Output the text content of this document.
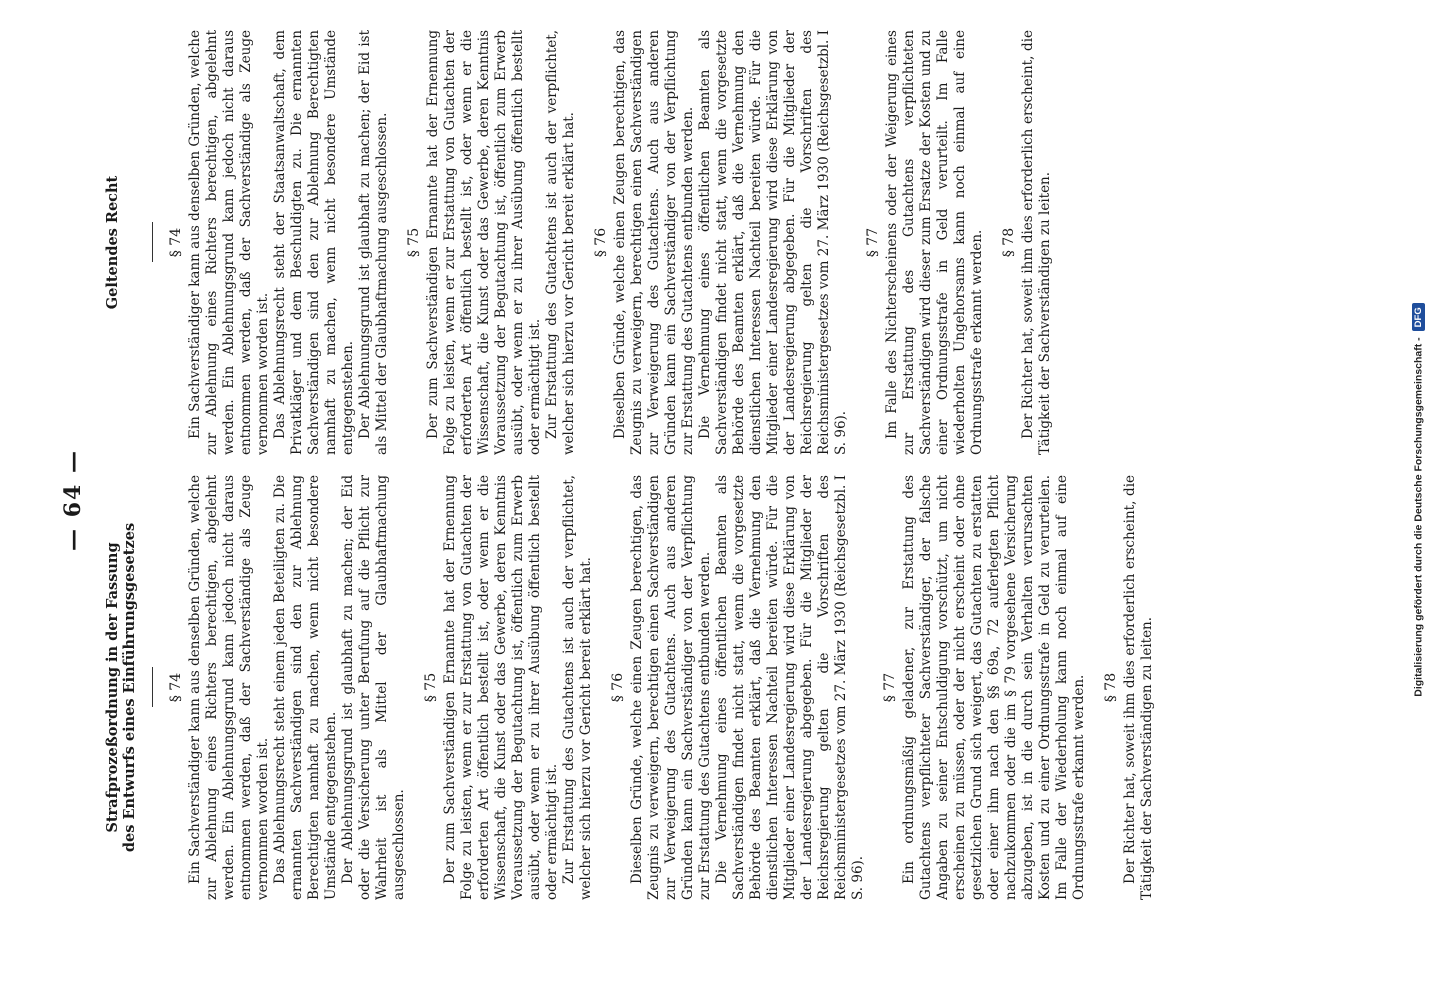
— 64 —
Strafprozeßordnung in der Fassung des Entwurfs eines Einführungsgesetzes § 74 Ein Sachverständiger kann aus denselben Gründen, welche zur Ablehnung eines Richters berechtigen, abgelehnt werden. Ein Ablehnungsgrund kann jedoch nicht daraus entnommen werden, daß der Sachverständige als Zeuge vernommen worden ist. Das Ablehnungsrecht steht einem jeden Beteiligten zu. Die ernannten Sachverständigen sind den zur Ablehnung Berechtigten namhaft zu machen, wenn nicht besondere Umstände entgegenstehen. Der Ablehnungsgrund ist glaubhaft zu machen; der Eid oder die Versicherung unter Berufung auf die Pflicht zur Wahrheit ist als Mittel der Glaubhaftmachung ausgeschlossen.

§ 75 Der zum Sachverständigen Ernannte hat der Ernennung Folge zu leisten, wenn er zur Erstattung von Gutachten der erforderten Art öffentlich bestellt ist, oder wenn er die Wissenschaft, die Kunst oder das Gewerbe, deren Kenntnis Voraussetzung der Begutachtung ist, öffentlich zum Erwerb ausübt, oder wenn er zu ihrer Ausübung öffentlich bestellt oder ermächtigt ist. Zur Erstattung des Gutachtens ist auch der verpflichtet, welcher sich hierzu vor Gericht bereit erklärt hat. § 76 Dieselben Gründe, welche einen Zeugen berechtigen, das Zeugnis zu verweigern, berechtigen einen Sachverständigen zur Verweigerung des Gutachtens. Auch aus anderen Gründen kann ein Sachverständiger von der Verpflichtung zur Erstattung des Gutachtens entbunden werden. Die Vernehmung eines öffentlichen Beamten als Sachverständigen findet nicht statt, wenn die vorgesetzte Behörde des Beamten erklärt, daß die Vernehmung den dienstlichen Interessen Nachteil bereiten würde. Für die Mitglieder einer Landesregierung wird diese Erklärung von der Landesregierung abgegeben. Für die Mitglieder der Reichsregierung gelten die Vorschriften des Reichsministergesetzes vom 27. März 1930 (Reichsgesetzbl. I S. 96).

§ 77 Ein ordnungsmäßig geladener, zur Erstattung des Gutachtens verpflichteter Sachverständiger, der falsche Angaben zu seiner Entschuldigung vorschützt, um nicht erscheinen zu müssen, oder der nicht erscheint oder ohne gesetzlichen Grund sich weigert, das Gutachten zu erstatten oder einer ihm nach den §§ 69a, 72 auferlegten Pflicht nachzukommen oder die im § 79 vorgesehene Versicherung abzugeben, ist in die durch sein Verhalten verursachten Kosten und zu einer Ordnungsstrafe in Geld zu verurteilen. Im Falle der Wiederholung kann noch einmal auf eine Ordnungsstrafe erkannt werden. § 78 Der Richter hat, soweit ihm dies erforderlich erscheint, die Tätigkeit der Sachverständigen zu leiten.

Geltendes Recht	§ 74 Ein Sachverständiger kann aus denselben Gründen, welche zur Ablehnung eines Richters berechtigen, abgelehnt werden. Ein Ablehnungsgrund kann jedoch nicht daraus entnommen werden, daß der Sachverständige als Zeuge vernommen worden ist. Das Ablehnungsrecht steht der Staatsanwaltschaft, dem Privatkläger und dem Beschuldigten zu. Die ernannten Sachverständigen sind den zur Ablehnung Berechtigten namhaft zu machen, wenn nicht besondere Umstände entgegenstehen. Der Ablehnungsgrund ist glaubhaft zu machen; der Eid ist als Mittel der Glaubhaftmachung ausgeschlossen. § 75 Der zum Sachverständigen Ernannte hat der Ernennung Folge zu leisten, wenn er zur Erstattung von Gutachten der erforderten Art öffentlich bestellt ist, oder wenn er die Wissenschaft, die Kunst oder das Gewerbe, deren Kenntnis Voraussetzung der Begutachtung ist, öffentlich zum Erwerb ausübt, oder wenn er zu ihrer Ausübung öffentlich bestellt oder ermächtigt ist. Zur Erstattung des Gutachtens ist auch der verpflichtet, welcher sich hierzu vor Gericht bereit erklärt hat. § 76 Dieselben Gründe, welche einen Zeugen berechtigen, das Zeugnis zu verweigern, berechtigen einen Sachverständigen zur Verweigerung des Gutachtens. Auch aus anderen Gründen kann ein Sachverständiger von der Verpflichtung zur Erstattung des Gutachtens entbunden werden. Die Vernehmung eines öffentlichen Beamten als Sachverständigen findet nicht statt, wenn die vorgesetzte Behörde des Beamten erklärt, daß die Vernehmung den dienstlichen Interessen Nachteil bereiten würde. Für die Mitglieder einer Landesregierung wird diese Erklärung von der Landesregierung abgegeben. Für die Mitglieder der Reichsregierung gelten die Vorschriften des Reichsministergesetzes vom 27. März 1930 (Reichsgesetzbl. I S. 96).

§ 77 Im Falle des Nichterscheinens oder der Weigerung eines zur Erstattung des Gutachtens verpflichteten Sachverständigen wird dieser zum Ersatze der Kosten und zu einer Ordnungsstrafe in Geld verurteilt. Im Falle wiederholten Ungehorsams kann noch einmal auf eine Ordnungsstrafe erkannt werden. § 78 Der Richter hat, soweit ihm dies erforderlich erscheint, die Tätigkeit der Sachverständigen zu leiten.

Digitalisierung gefördert durch die Deutsche Forschungsgemeinschaft -DFG
